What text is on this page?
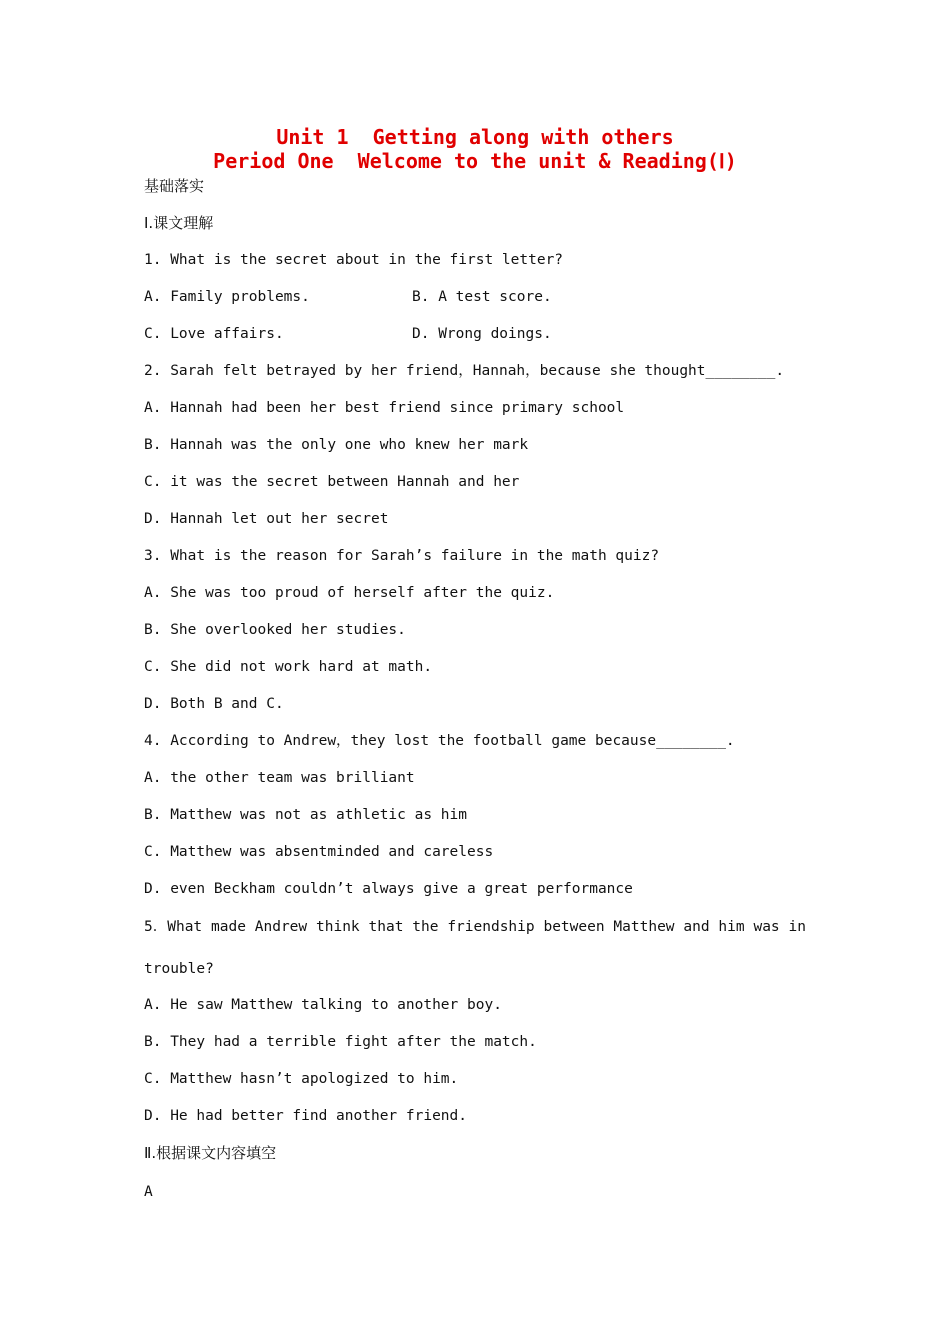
Unit 1  Getting along with others
Period One  Welcome to the unit & Reading(Ⅰ)
基础落实
Ⅰ.课文理解
1. What is the secret about in the first letter?
A. Family problems.	B. A test score.
C. Love affairs.	D. Wrong doings.
2. Sarah felt betrayed by her friend，Hannah，because she thought________.
A. Hannah had been her best friend since primary school
B. Hannah was the only one who knew her mark
C. it was the secret between Hannah and her
D. Hannah let out her secret
3. What is the reason for Sarah’s failure in the math quiz?
A. She was too proud of herself after the quiz.
B. She overlooked her studies.
C. She did not work hard at math.
D. Both B and C.
4. According to Andrew，they lost the football game because________.
A. the other team was brilliant
B. Matthew was not as athletic as him
C. Matthew was absentminded and careless
D. even Beckham couldn’t always give a great performance
5．What made Andrew think that the friendship between Matthew and him was in
trouble?
A. He saw Matthew talking to another boy.
B. They had a terrible fight after the match.
C. Matthew hasn’t apologized to him.
D. He had better find another friend.
Ⅱ.根据课文内容填空
A
